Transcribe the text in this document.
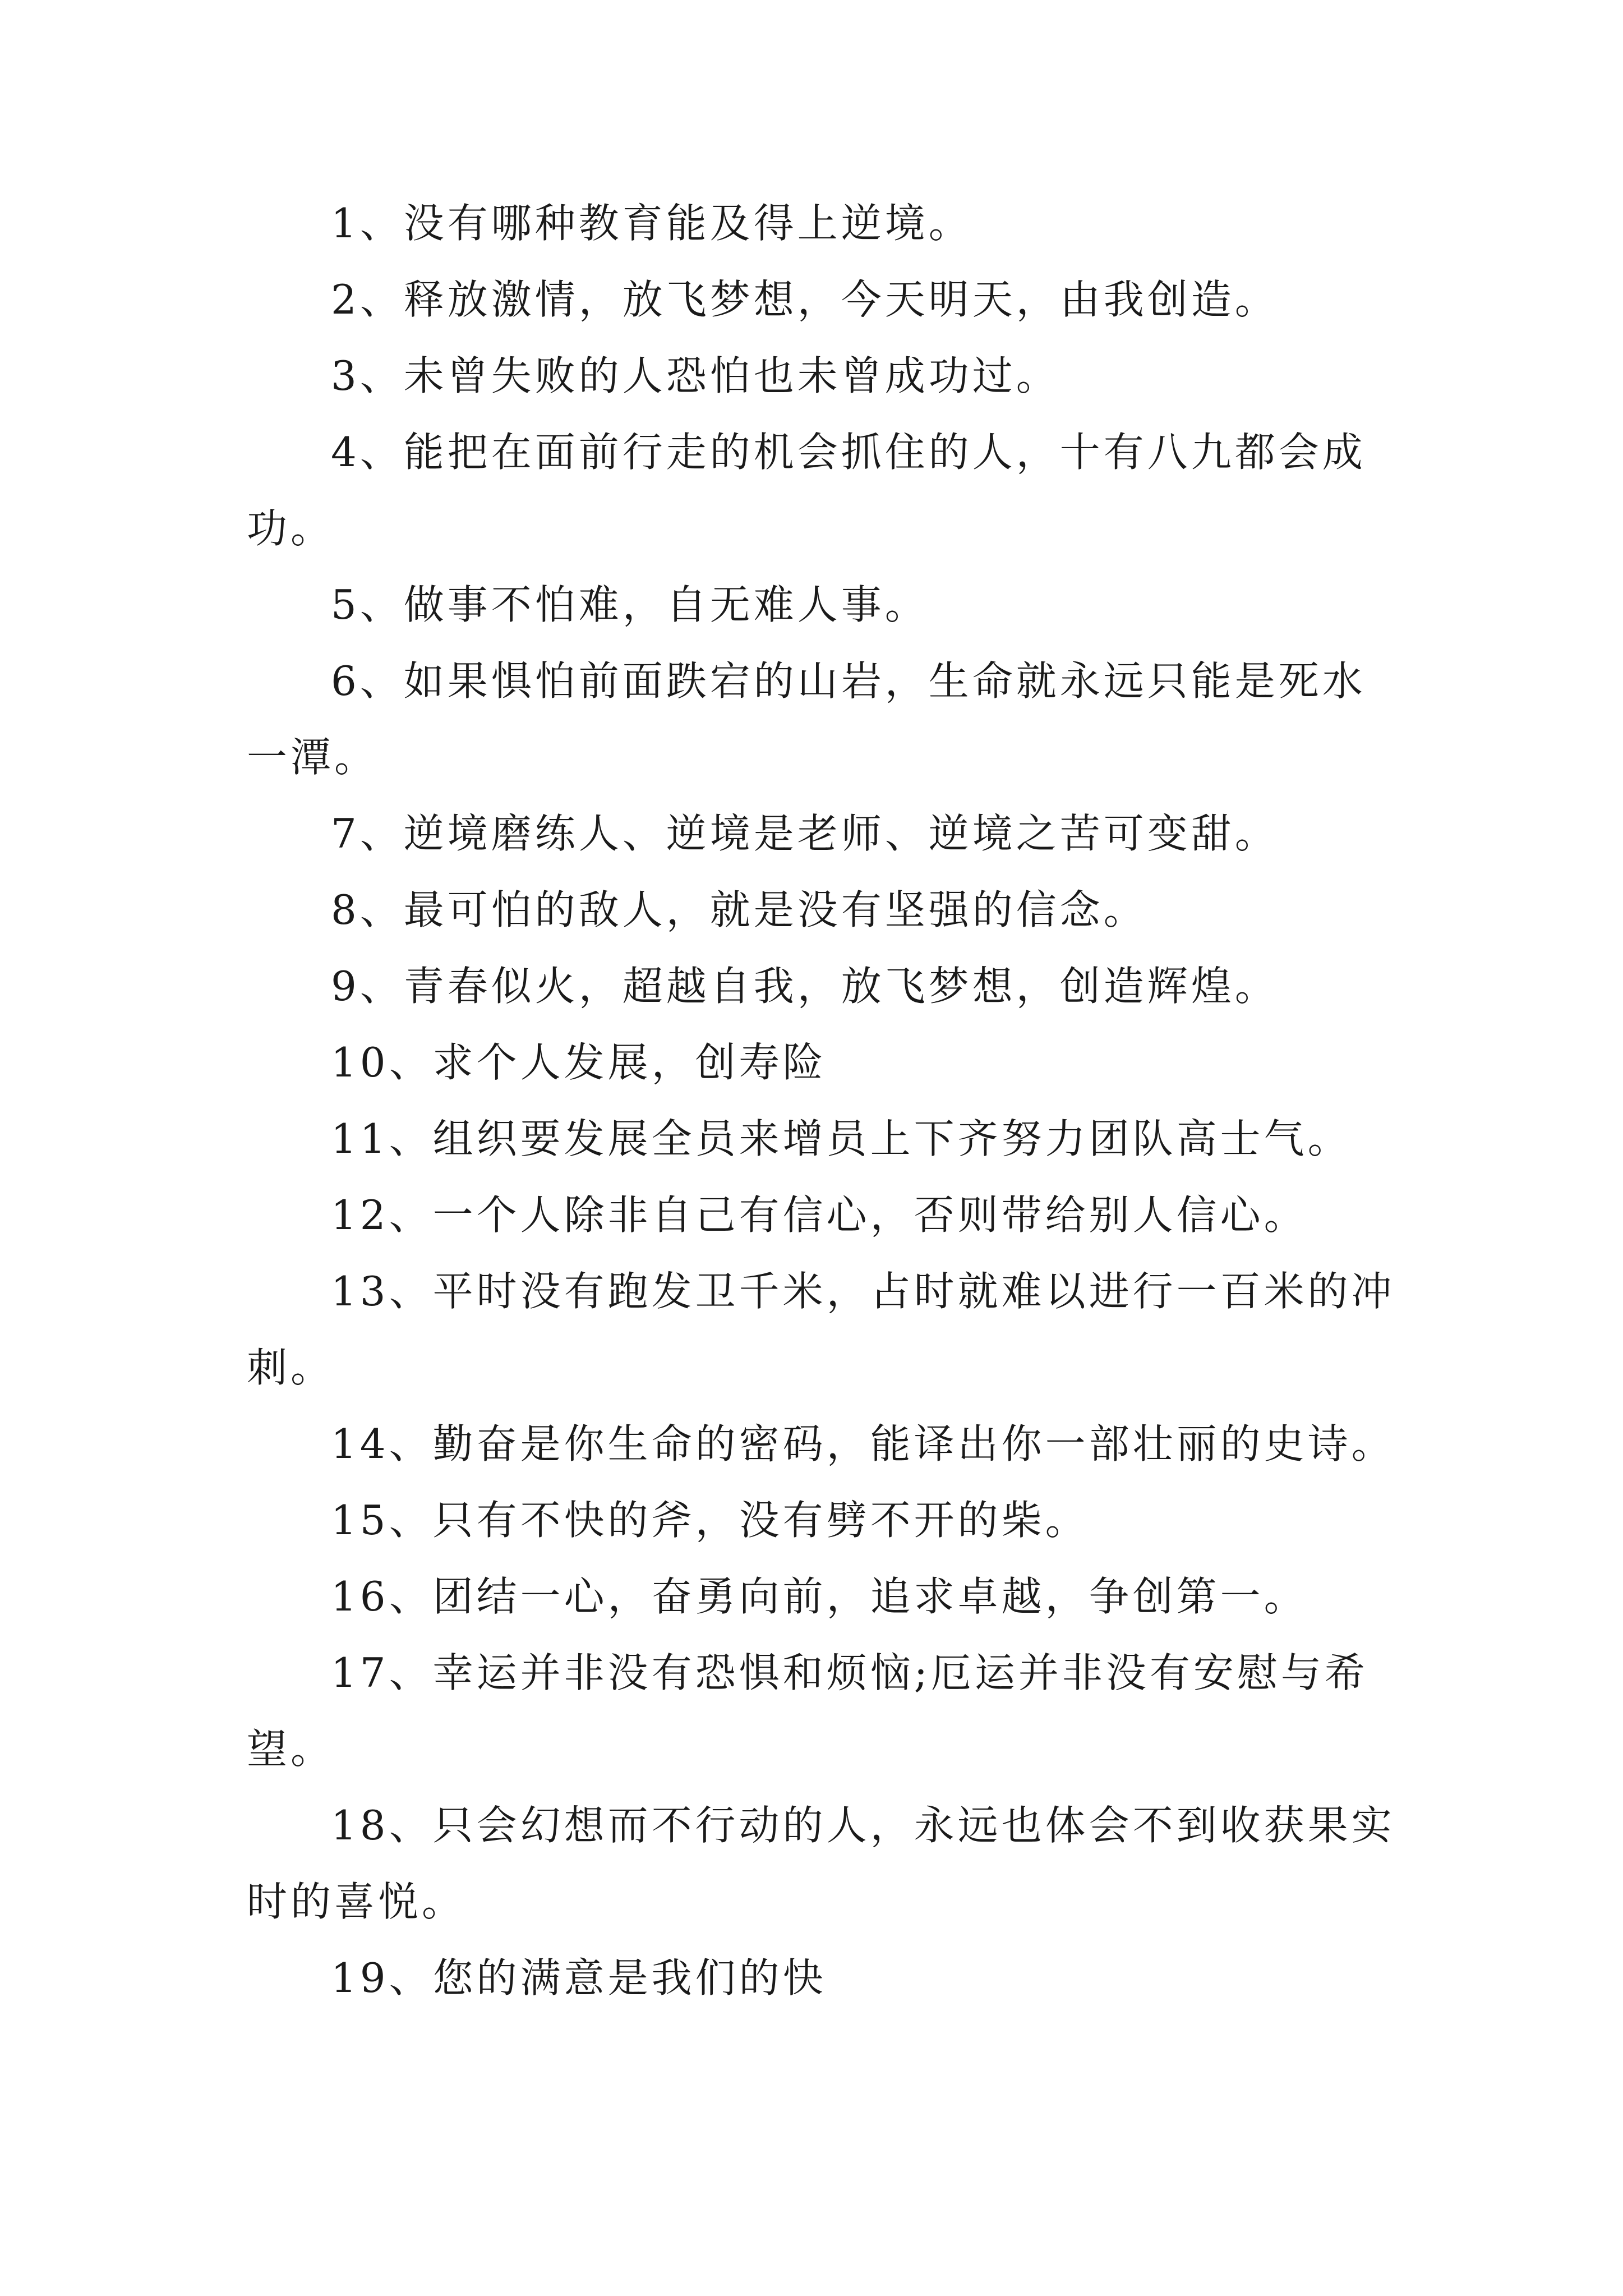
1、没有哪种教育能及得上逆境。

2、释放激情，放飞梦想，今天明天，由我创造。

3、未曾失败的人恐怕也未曾成功过。

4、能把在面前行走的机会抓住的人，十有八九都会成功。

5、做事不怕难，自无难人事。

6、如果惧怕前面跌宕的山岩，生命就永远只能是死水一潭。

7、逆境磨练人、逆境是老师、逆境之苦可变甜。

8、最可怕的敌人，就是没有坚强的信念。

9、青春似火，超越自我，放飞梦想，创造辉煌。

10、求个人发展，创寿险

11、组织要发展全员来增员上下齐努力团队高士气。

12、一个人除非自己有信心，否则带给别人信心。

13、平时没有跑发卫千米，占时就难以进行一百米的冲刺。

14、勤奋是你生命的密码，能译出你一部壮丽的史诗。

15、只有不快的斧，没有劈不开的柴。

16、团结一心，奋勇向前，追求卓越，争创第一。

17、幸运并非没有恐惧和烦恼;厄运并非没有安慰与希望。

18、只会幻想而不行动的人，永远也体会不到收获果实时的喜悦。

19、您的满意是我们的快
